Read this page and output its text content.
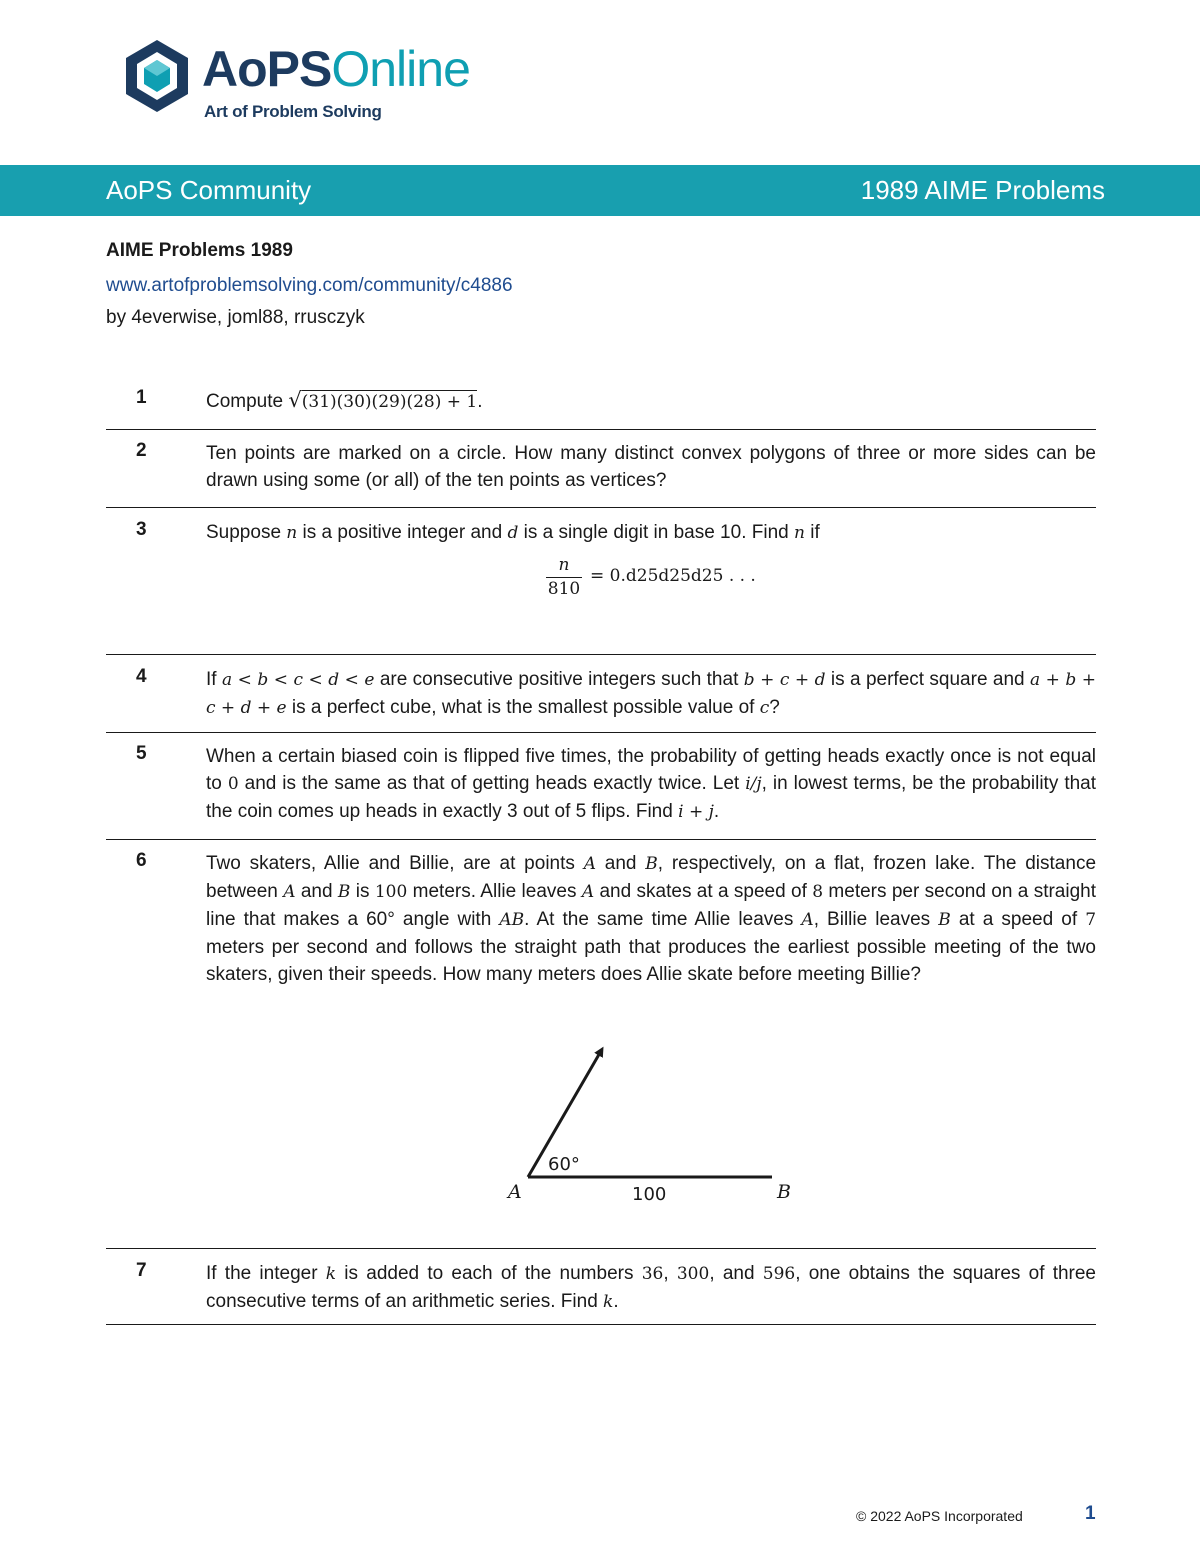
AoPSOnline
Art of Problem Solving
AoPS Community	1989 AIME Problems
AIME Problems 1989
www.artofproblemsolving.com/community/c4886
by 4everwise, joml88, rrusczyk
1	Compute √(31)(30)(29)(28) + 1.
2	Ten points are marked on a circle. How many distinct convex polygons of three or more sides can be drawn using some (or all) of the ten points as vertices?
3	Suppose n is a positive integer and d is a single digit in base 10. Find n if
n
810
= 0.d25d25d25 . . .
4	If a < b < c < d < e are consecutive positive integers such that b + c + d is a perfect square and a + b + c + d + e is a perfect cube, what is the smallest possible value of c?
5	When a certain biased coin is flipped five times, the probability of getting heads exactly once is not equal to 0 and is the same as that of getting heads exactly twice. Let i/j, in lowest terms, be the probability that the coin comes up heads in exactly 3 out of 5 flips. Find i + j.
6	Two skaters, Allie and Billie, are at points A and B, respectively, on a flat, frozen lake. The distance between A and B is 100 meters. Allie leaves A and skates at a speed of 8 meters per second on a straight line that makes a 60° angle with AB. At the same time Allie leaves A, Billie leaves B at a speed of 7 meters per second and follows the straight path that produces the earliest possible meeting of the two skaters, given their speeds. How many meters does Allie skate before meeting Billie?
60°
A	100	B
7	If the integer k is added to each of the numbers 36, 300, and 596, one obtains the squares of three consecutive terms of an arithmetic series. Find k.
© 2022 AoPS Incorporated	1
